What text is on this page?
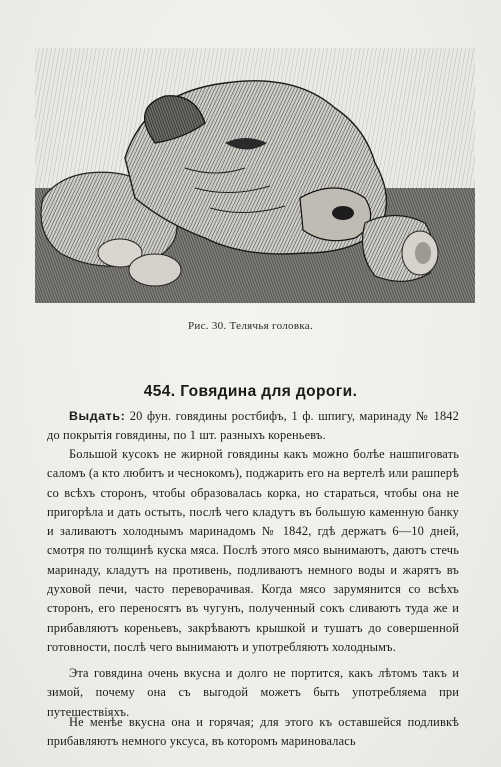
Рис. 30. Телячья головка.
454. Говядина для дороги.
Выдать: 20 фун. говядины ростбифъ, 1 ф. шпигу, маринаду № 1842 до покрытія говядины, по 1 шт. разныхъ кореньевъ.
Большой кусокъ не жирной говядины какъ можно болѣе нашпиговать саломъ (а кто любитъ и чеснокомъ), поджарить его на вертелѣ или рашперѣ со всѣхъ сторонъ, чтобы образовалась корка, но стараться, чтобы она не пригорѣла и дать остыть, послѣ чего кладутъ въ большую каменную банку и заливаютъ холоднымъ маринадомъ № 1842, гдѣ держатъ 6—10 дней, смотря по толщинѣ куска мяса. Послѣ этого мясо вынимаютъ, даютъ стечь маринаду, кладутъ на противень, подливаютъ немного воды и жарятъ въ духовой печи, часто переворачивая. Когда мясо зарумянится со всѣхъ сторонъ, его переносятъ въ чугунъ, полученный сокъ сливаютъ туда же и прибавляютъ кореньевъ, закрѣваютъ крышкой и тушатъ до совершенной готовности, послѣ чего вынимаютъ и употребляютъ холоднымъ.
Эта говядина очень вкусна и долго не портится, какъ лѣтомъ такъ и зимой, почему она съ выгодой можетъ быть употребляема при путешествіяхъ.
Не менѣе вкусна она и горячая; для этого къ оставшейся подливкѣ прибавляютъ немного уксуса, въ которомъ мариновалась
